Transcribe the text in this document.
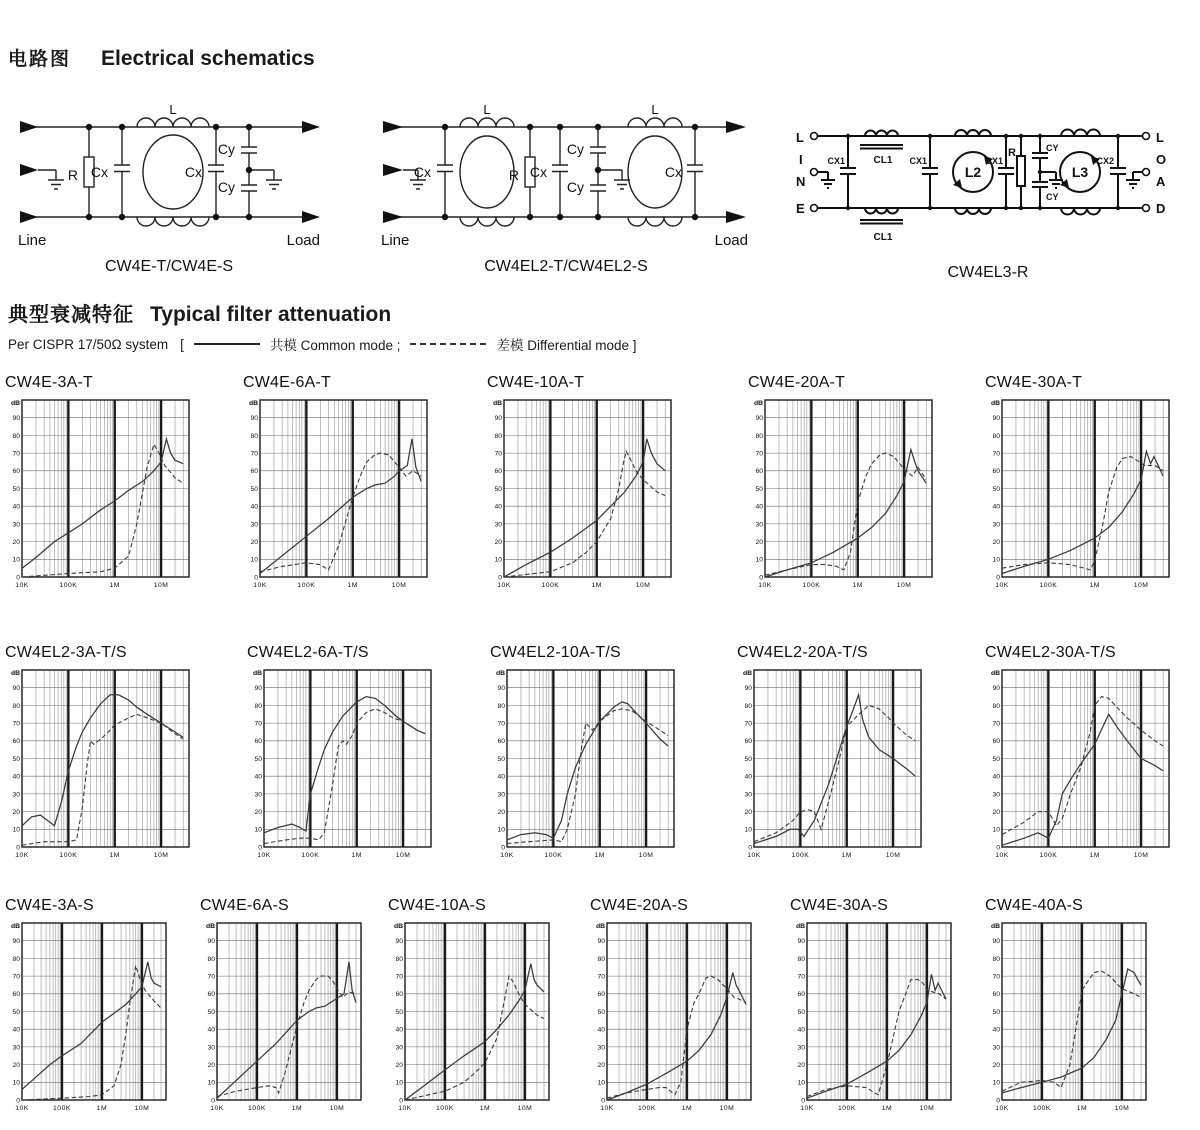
电路图 Electrical schematics
L
R Cx	Cx
Cy
Cy
Line	Load
CW4E-T/CW4E-S
L	L
Cx	R Cx
Cy
Cy
Cx
Line	Load
CW4EL2-T/CW4EL2-S
L
I
N
E
CX1	CL1
CL1
CX1
L2
CX1
R	CY
CY
L3
CX2
L
O
A
D
CW4EL3-R
典型衰减特征 Typical filter attenuation
Per CISPR 17/50Ω system [	共模 Common mode ;	差模 Differential mode ]
CW4E-3A-T
dB
90
80
70
60
50
40
30
20
10
0
10K	100K	1M	10M
CW4E-6A-T
dB
90
80
70
60
50
40
30
20
10
0
10K	100K	1M	10M
CW4E-10A-T
dB
90
80
70
60
50
40
30
20
10
0
10K	100K	1M	10M
CW4E-20A-T
dB
90
80
70
60
50
40
30
20
10
0
10K	100K	1M	10M
CW4E-30A-T
dB
90
80
70
60
50
40
30
20
10
0
10K	100K	1M	10M
CW4EL2-3A-T/S
dB
90
80
70
60
50
40
30
20
10
0
10K	100K	1M	10M
CW4EL2-6A-T/S
dB
90
80
70
60
50
40
30
20
10
0
10K	100K	1M	10M
CW4EL2-10A-T/S
dB
90
80
70
60
50
40
30
20
10
0
10K	100K	1M	10M
CW4EL2-20A-T/S
dB
90
80
70
60
50
40
30
20
10
0
10K	100K	1M	10M
CW4EL2-30A-T/S
dB
90
80
70
60
50
40
30
20
10
0
10K	100K	1M	10M
CW4E-3A-S
dB
90
80
70
60
50
40
30
20
10
0
10K	100K	1M	10M
CW4E-6A-S
dB
90
80
70
60
50
40
30
20
10
0
10K	100K	1M	10M
CW4E-10A-S
dB
90
80
70
60
50
40
30
20
10
0
10K	100K	1M	10M
CW4E-20A-S
dB
90
80
70
60
50
40
30
20
10
0
10K	100K	1M	10M
CW4E-30A-S
dB
90
80
70
60
50
40
30
20
10
0
10K	100K	1M	10M
CW4E-40A-S
dB
90
80
70
60
50
40
30
20
10
0
10K	100K	1M	10M
